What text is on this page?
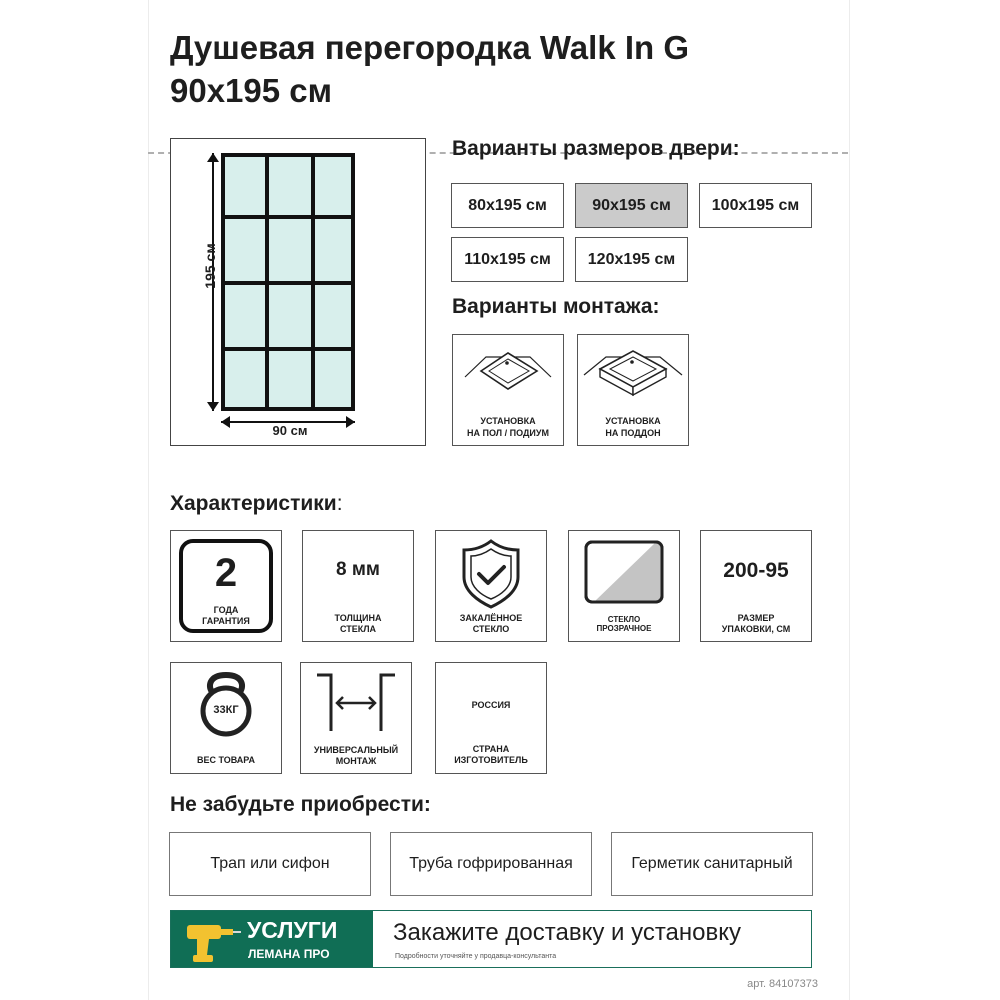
Душевая перегородка Walk In G
90x195 см
195 см
90 см
Варианты размеров двери:
80x195 см	90x195 см	100x195 см
110x195 см	120x195 см
Варианты монтажа:
УСТАНОВКА
НА ПОЛ / ПОДИУМ
УСТАНОВКА
НА ПОДДОН
Характеристики:
2
ГОДА
ГАРАНТИЯ
8 мм
ТОЛЩИНА
СТЕКЛА
ЗАКАЛЁННОЕ
СТЕКЛО
СТЕКЛО
ПРОЗРАЧНОЕ
200-95
РАЗМЕР
УПАКОВКИ, СМ
33КГ
ВЕС ТОВАРА
УНИВЕРСАЛЬНЫЙ
МОНТАЖ
РОССИЯ
СТРАНА
ИЗГОТОВИТЕЛЬ
Не забудьте приобрести:
Трап или сифон	Труба гофрированная	Герметик санитарный
УСЛУГИ
ЛЕМАНА ПРО
Закажите доставку и установку
Подробности уточняйте у продавца-консультанта
арт. 84107373
